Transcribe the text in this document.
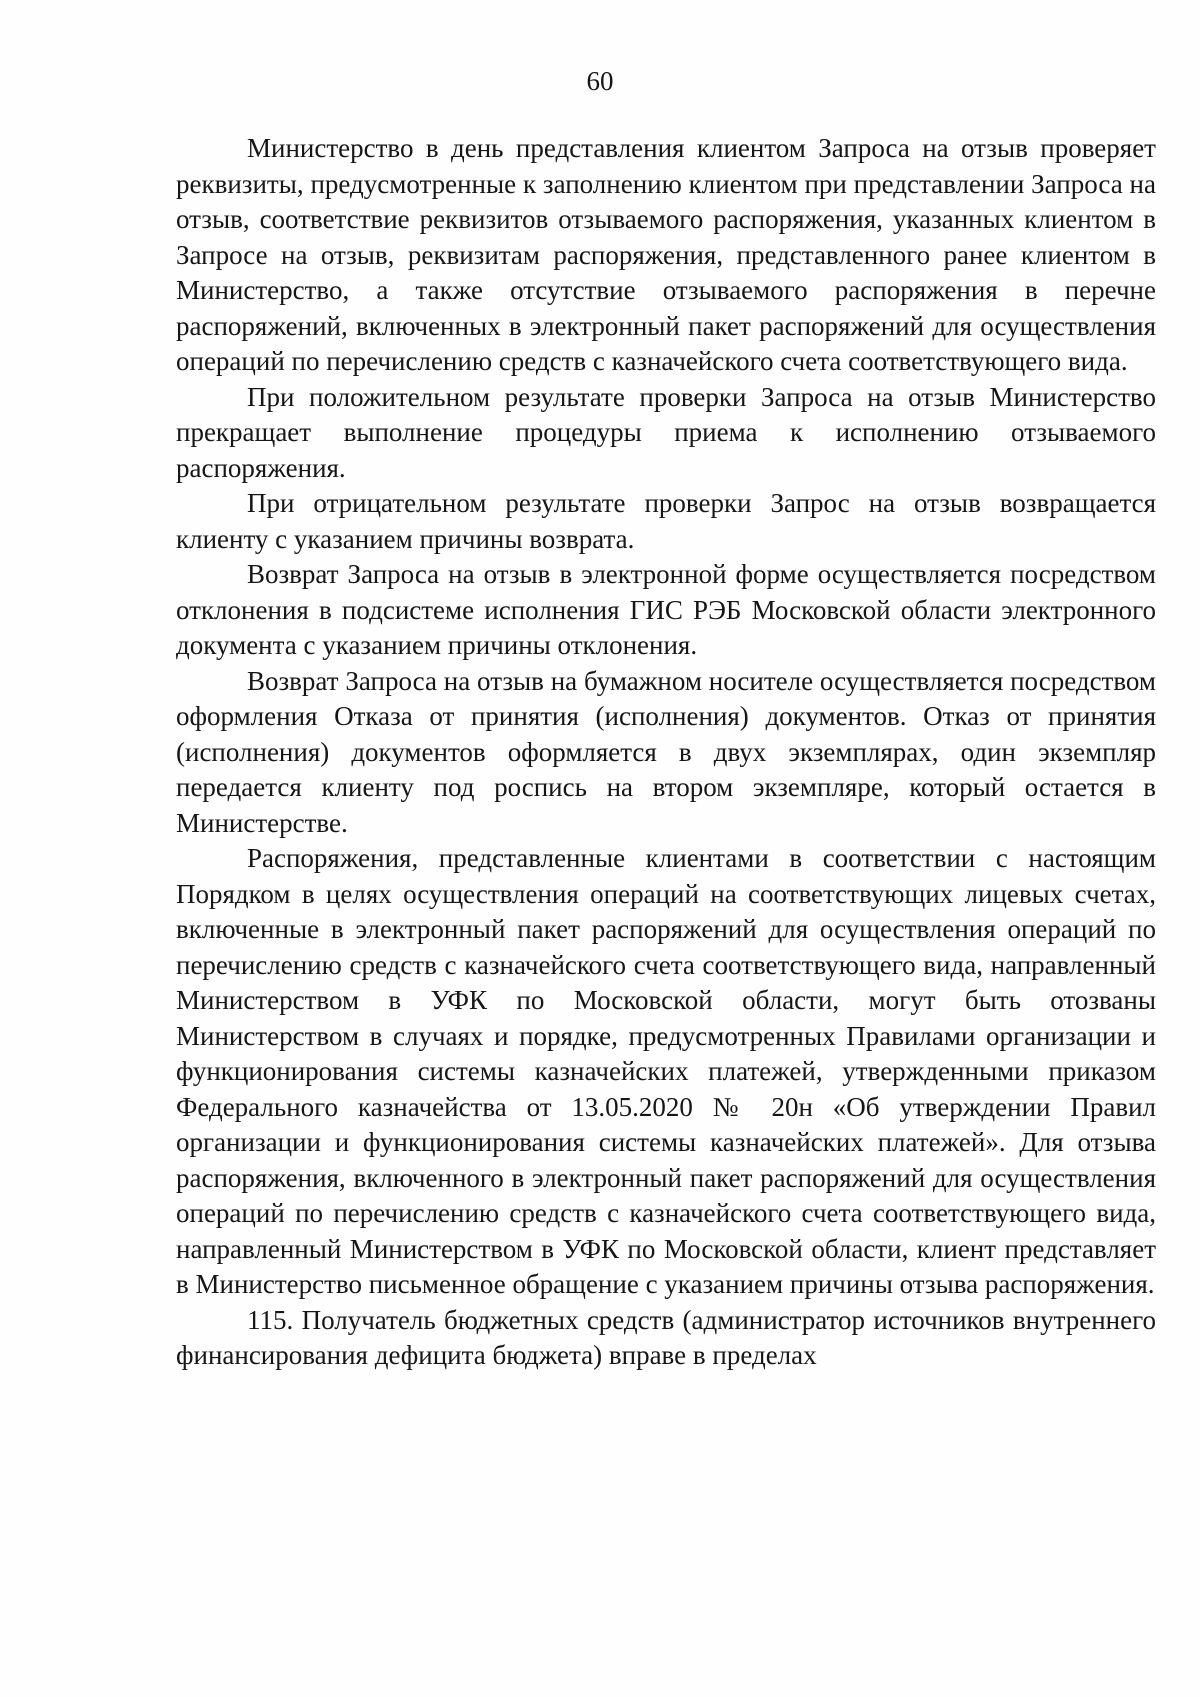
60

Министерство в день представления клиентом Запроса на отзыв проверяет реквизиты, предусмотренные к заполнению клиентом при представлении Запроса на отзыв, соответствие реквизитов отзываемого распоряжения, указанных клиентом в Запросе на отзыв, реквизитам распоряжения, представленного ранее клиентом в Министерство, а также отсутствие отзываемого распоряжения в перечне распоряжений, включенных в электронный пакет распоряжений для осуществления операций по перечислению средств с казначейского счета соответствующего вида.

При положительном результате проверки Запроса на отзыв Министерство прекращает выполнение процедуры приема к исполнению отзываемого распоряжения.

При отрицательном результате проверки Запрос на отзыв возвращается клиенту с указанием причины возврата.

Возврат Запроса на отзыв в электронной форме осуществляется посредством отклонения в подсистеме исполнения ГИС РЭБ Московской области электронного документа с указанием причины отклонения.

Возврат Запроса на отзыв на бумажном носителе осуществляется посредством оформления Отказа от принятия (исполнения) документов. Отказ от принятия (исполнения) документов оформляется в двух экземплярах, один экземпляр передается клиенту под роспись на втором экземпляре, который остается в Министерстве.

Распоряжения, представленные клиентами в соответствии с настоящим Порядком в целях осуществления операций на соответствующих лицевых счетах, включенные в электронный пакет распоряжений для осуществления операций по перечислению средств с казначейского счета соответствующего вида, направленный Министерством в УФК по Московской области, могут быть отозваны Министерством в случаях и порядке, предусмотренных Правилами организации и функционирования системы казначейских платежей, утвержденными приказом Федерального казначейства от 13.05.2020 № 20н «Об утверждении Правил организации и функционирования системы казначейских платежей». Для отзыва распоряжения, включенного в электронный пакет распоряжений для осуществления операций по перечислению средств с казначейского счета соответствующего вида, направленный Министерством в УФК по Московской области, клиент представляет в Министерство письменное обращение с указанием причины отзыва распоряжения.

115. Получатель бюджетных средств (администратор источников внутреннего финансирования дефицита бюджета) вправе в пределах
